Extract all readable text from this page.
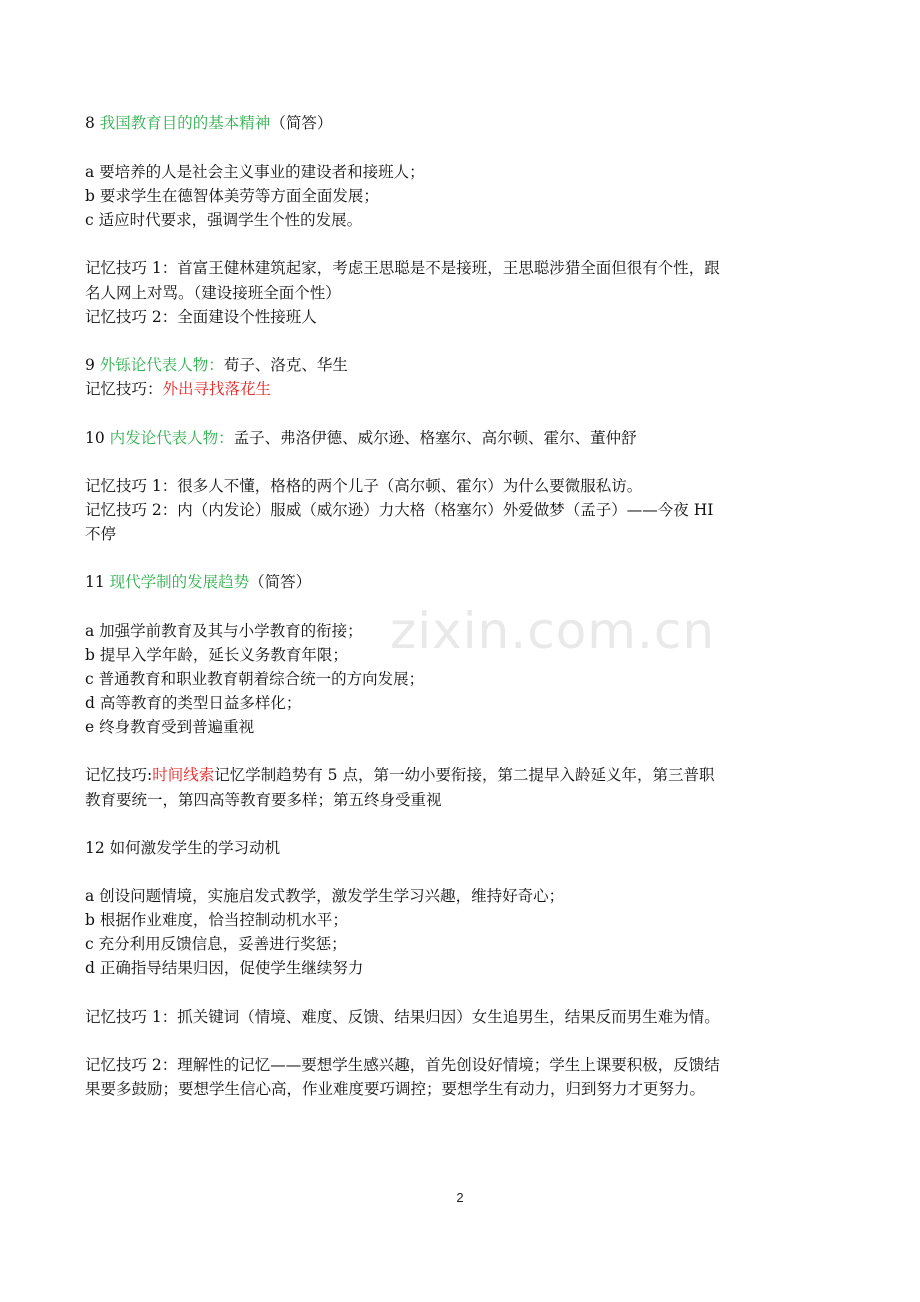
zixin.com.cn
8 我国教育目的的基本精神（简答）
a 要培养的人是社会主义事业的建设者和接班人；
b 要求学生在德智体美劳等方面全面发展；
c 适应时代要求，强调学生个性的发展。
记忆技巧 1：首富王健林建筑起家，考虑王思聪是不是接班，王思聪涉猎全面但很有个性，跟
名人网上对骂。（建设接班全面个性）
记忆技巧 2：全面建设个性接班人
9 外铄论代表人物：荀子、洛克、华生
记忆技巧：外出寻找落花生
10 内发论代表人物：孟子、弗洛伊德、威尔逊、格塞尔、高尔顿、霍尔、董仲舒
记忆技巧 1：很多人不懂，格格的两个儿子（高尔顿、霍尔）为什么要微服私访。
记忆技巧 2：内（内发论）服威（威尔逊）力大格（格塞尔）外爱做梦（孟子）——今夜 HI
不停
11 现代学制的发展趋势（简答）
a 加强学前教育及其与小学教育的衔接；
b 提早入学年龄，延长义务教育年限；
c 普通教育和职业教育朝着综合统一的方向发展；
d 高等教育的类型日益多样化；
e 终身教育受到普遍重视
记忆技巧:时间线索记忆学制趋势有 5 点，第一幼小要衔接，第二提早入龄延义年，第三普职
教育要统一，第四高等教育要多样；第五终身受重视
12 如何激发学生的学习动机
a 创设问题情境，实施启发式教学，激发学生学习兴趣，维持好奇心；
b 根据作业难度，恰当控制动机水平；
c 充分利用反馈信息，妥善进行奖惩；
d 正确指导结果归因，促使学生继续努力
记忆技巧 1：抓关键词（情境、难度、反馈、结果归因）女生追男生，结果反而男生难为情。
记忆技巧 2：理解性的记忆——要想学生感兴趣，首先创设好情境；学生上课要积极，反馈结
果要多鼓励；要想学生信心高，作业难度要巧调控；要想学生有动力，归到努力才更努力。
2
